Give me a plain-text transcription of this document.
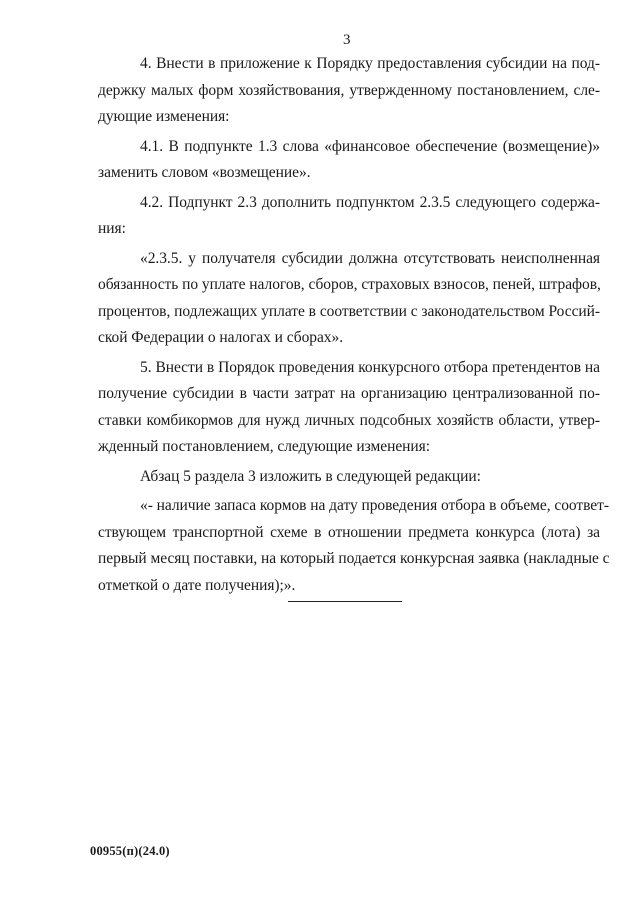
3
4. Внести в приложение к Порядку предоставления субсидии на под-
держку малых форм хозяйствования, утвержденному постановлением, сле-
дующие изменения:
4.1. В подпункте 1.3 слова «финансовое обеспечение (возмещение)»
заменить словом «возмещение».
4.2. Подпункт 2.3 дополнить подпунктом 2.3.5 следующего содержа-
ния:
«2.3.5. у получателя субсидии должна отсутствовать неисполненная
обязанность по уплате налогов, сборов, страховых взносов, пеней, штрафов,
процентов, подлежащих уплате в соответствии с законодательством Россий-
ской Федерации о налогах и сборах».
5. Внести в Порядок проведения конкурсного отбора претендентов на
получение субсидии в части затрат на организацию централизованной по-
ставки комбикормов для нужд личных подсобных хозяйств области, утвер-
жденный постановлением, следующие изменения:
Абзац 5 раздела 3 изложить в следующей редакции:
«- наличие запаса кормов на дату проведения отбора в объеме, соответ-
ствующем транспортной схеме в отношении предмета конкурса (лота) за
первый месяц поставки, на который подается конкурсная заявка (накладные с
отметкой о дате получения);».
00955(п)(24.0)
